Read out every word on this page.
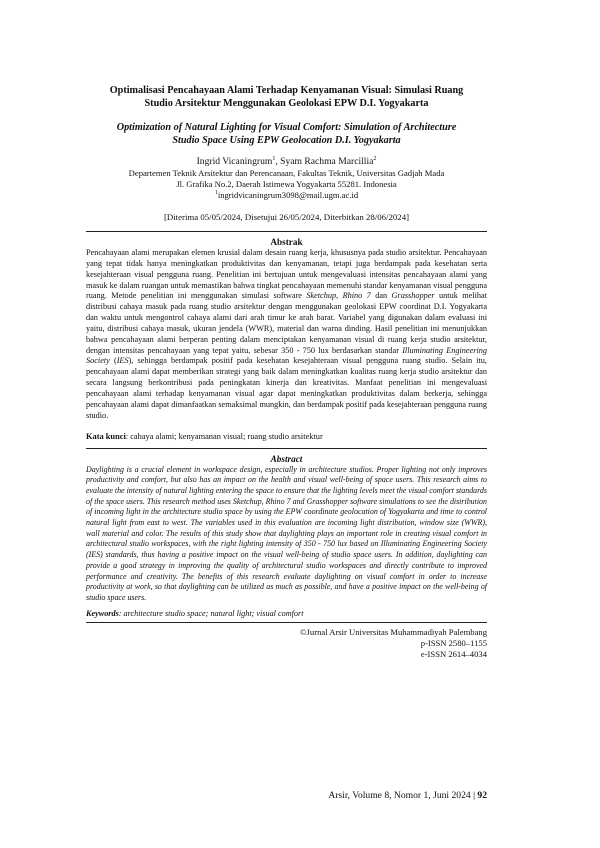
Optimalisasi Pencahayaan Alami Terhadap Kenyamanan Visual: Simulasi Ruang
Studio Arsitektur Menggunakan Geolokasi EPW D.I. Yogyakarta

Optimization of Natural Lighting for Visual Comfort: Simulation of Architecture
Studio Space Using EPW Geolocation D.I. Yogyakarta

Ingrid Vicaningrum$^1$, Syam Rachma Marcillia$^2$
Departemen Teknik Arsitektur dan Perencanaan, Fakultas Teknik, Universitas Gadjah Mada
Jl. Grafika No.2, Daerah Istimewa Yogyakarta 55281. Indonesia
$^1$ingridvicaningrum3098@mail.ugm.ac.id
[Diterima 05/05/2024, Disetujui 26/05/2024, Diterbitkan 28/06/2024]
Abstrak

Pencahayaan alami merupakan elemen krusial dalam desain ruang kerja, khususnya pada studio arsitektur. Pencahayaan yang tepat tidak hanya meningkatkan produktivitas dan kenyamanan, tetapi juga berdampak pada kesehatan serta kesejahteraan visual pengguna ruang. Penelitian ini bertujuan untuk mengevaluasi intensitas pencahayaan alami yang masuk ke dalam ruangan untuk memastikan bahwa tingkat pencahayaan memenuhi standar kenyamanan visual pengguna ruang. Metode penelitian ini menggunakan simulasi software Sketchup, Rhino 7 dan Grasshopper untuk melihat distribusi cahaya masuk pada ruang studio arsitektur dengan menggunakan geolokasi EPW coordinat D.I. Yogyakarta dan waktu untuk mengontrol cahaya alami dari arah timur ke arah barat. Variabel yang digunakan dalam evaluasi ini yaitu, distribusi cahaya masuk, ukuran jendela (WWR), material dan warna dinding. Hasil penelitian ini menunjukkan bahwa pencahayaan alami berperan penting dalam menciptakan kenyamanan visual di ruang kerja studio arsitektur, dengan intensitas pencahayaan yang tepat yaitu, sebesar 350 - 750 lux berdasarkan standar Illuminating Engineering Society (IES), sehingga berdampak positif pada kesehatan kesejahteraan visual pengguna ruang studio. Selain itu, pencahayaan alami dapat memberikan strategi yang baik dalam meningkatkan kualitas ruang kerja studio arsitektur dan secara langsung berkontribusi pada peningkatan kinerja dan kreativitas. Manfaat penelitian ini mengevaluasi pencahayaan alami terhadap kenyamanan visual agar dapat meningkatkan produktivitas dalam berkerja, sehingga pencahayaan alami dapat dimanfaatkan semaksimal mungkin, dan berdampak positif pada kesejahteraan pengguna ruang studio.

Kata kunci: cahaya alami; kenyamanan visual; ruang studio arsitektur
Abstract

Daylighting is a crucial element in workspace design, especially in architecture studios. Proper lighting not only improves productivity and comfort, but also has an impact on the health and visual well-being of space users. This research aims to evaluate the intensity of natural lighting entering the space to ensure that the lighting levels meet the visual comfort standards of the space users. This research method uses Sketchup, Rhino 7 and Grasshopper software simulations to see the distribution of incoming light in the architecture studio space by using the EPW coordinate geolocation of Yogyakarta and time to control natural light from east to west. The variables used in this evaluation are incoming light distribution, window size (WWR), wall material and color. The results of this study show that daylighting plays an important role in creating visual comfort in architectural studio workspaces, with the right lighting intensity of 350 - 750 lux based on Illuminating Engineering Society (IES) standards, thus having a positive impact on the visual well-being of studio space users. In addition, daylighting can provide a good strategy in improving the quality of architectural studio workspaces and directly contribute to improved performance and creativity. The benefits of this research evaluate daylighting on visual comfort in order to increase productivity at work, so that daylighting can be utilized as much as possible, and have a positive impact on the well-being of studio space users.

Keywords: architecture studio space; natural light; visual comfort
©Jurnal Arsir Universitas Muhammadiyah Palembang
p-ISSN 2580–1155
e-ISSN 2614–4034
Arsir, Volume 8, Nomor 1, Juni 2024 | 92
